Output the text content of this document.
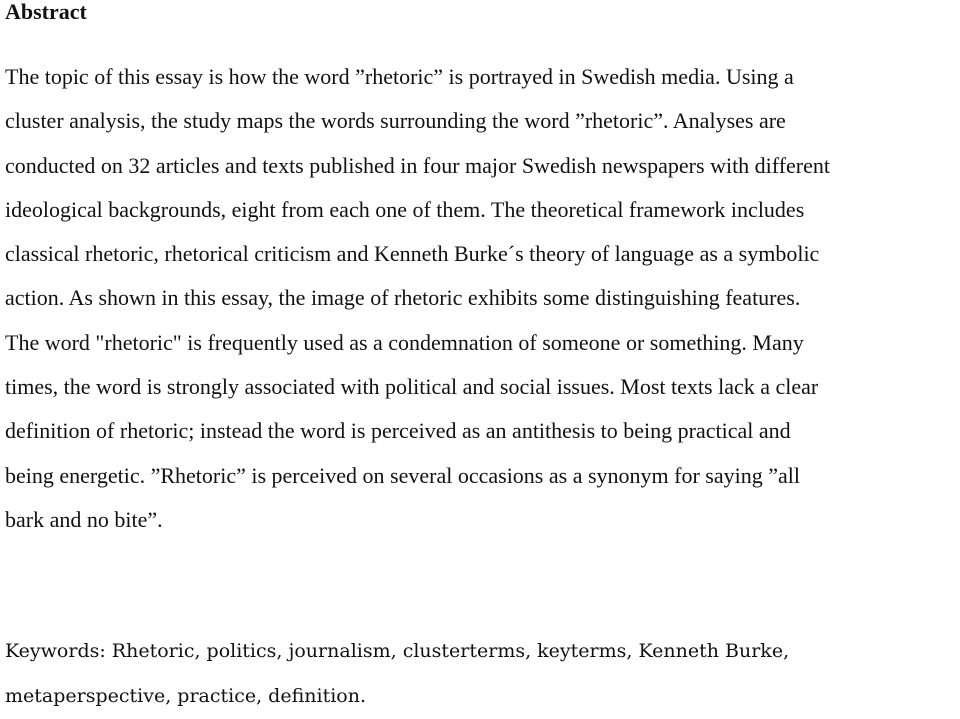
Abstract
The topic of this essay is how the word ”rhetoric” is portrayed in Swedish media. Using a
cluster analysis, the study maps the words surrounding the word ”rhetoric”. Analyses are
conducted on 32 articles and texts published in four major Swedish newspapers with different
ideological backgrounds, eight from each one of them. The theoretical framework includes
classical rhetoric, rhetorical criticism and Kenneth Burke´s theory of language as a symbolic
action. As shown in this essay, the image of rhetoric exhibits some distinguishing features.
The word "rhetoric" is frequently used as a condemnation of someone or something. Many
times, the word is strongly associated with political and social issues. Most texts lack a clear
definition of rhetoric; instead the word is perceived as an antithesis to being practical and
being energetic. ”Rhetoric” is perceived on several occasions as a synonym for saying ”all
bark and no bite”.
Keywords: Rhetoric, politics, journalism, clusterterms, keyterms, Kenneth Burke,
metaperspective, practice, definition.
